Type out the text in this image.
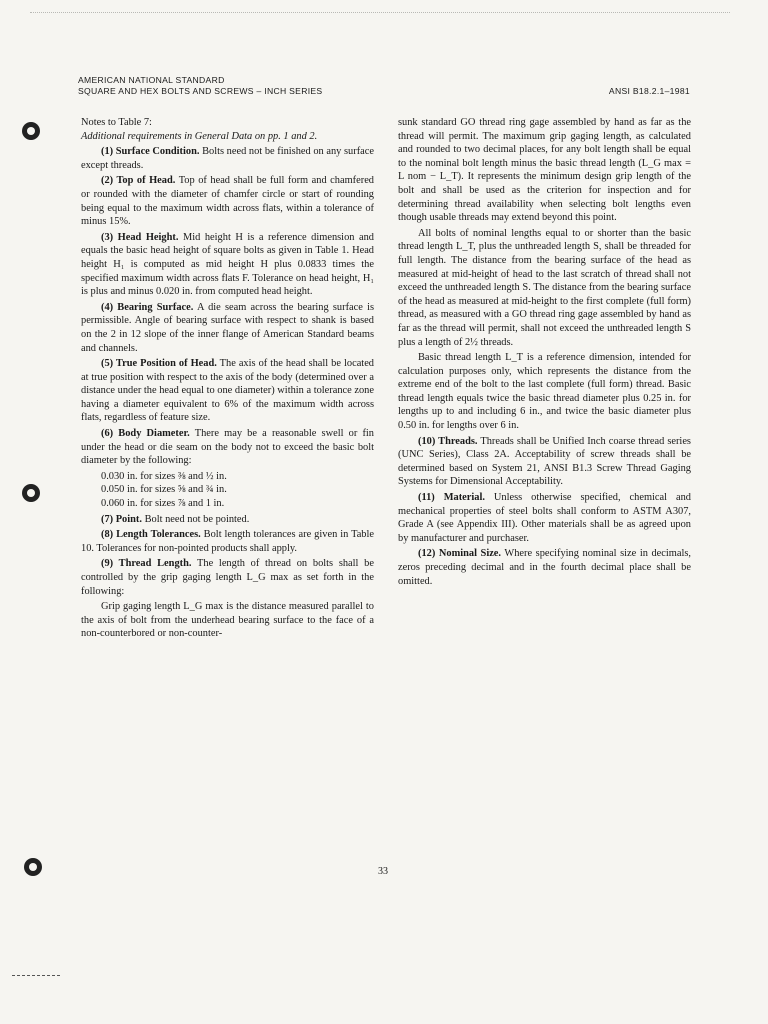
AMERICAN NATIONAL STANDARD
SQUARE AND HEX BOLTS AND SCREWS – INCH SERIES	ANSI B18.2.1–1981

Notes to Table 7:

Additional requirements in General Data on pp. 1 and 2.

(1) Surface Condition. Bolts need not be finished on any surface except threads.

(2) Top of Head. Top of head shall be full form and chamfered or rounded with the diameter of chamfer circle or start of rounding being equal to the maximum width across flats, within a tolerance of minus 15%.

(3) Head Height. Mid height H is a reference dimension and equals the basic head height of square bolts as given in Table 1. Head height H₁ is computed as mid height H plus 0.0833 times the specified maximum width across flats F. Tolerance on head height, H₁ is plus and minus 0.020 in. from computed head height.

(4) Bearing Surface. A die seam across the bearing surface is permissible. Angle of bearing surface with respect to shank is based on the 2 in 12 slope of the inner flange of American Standard beams and channels.

(5) True Position of Head. The axis of the head shall be located at true position with respect to the axis of the body (determined over a distance under the head equal to one diameter) within a tolerance zone having a diameter equivalent to 6% of the maximum width across flats, regardless of feature size.

(6) Body Diameter. There may be a reasonable swell or fin under the head or die seam on the body not to exceed the basic bolt diameter by the following:

0.030 in. for sizes ⅜ and ½ in.

0.050 in. for sizes ⅝ and ¾ in.

0.060 in. for sizes ⅞ and 1 in.

(7) Point. Bolt need not be pointed.

(8) Length Tolerances. Bolt length tolerances are given in Table 10. Tolerances for non-pointed products shall apply.

(9) Thread Length. The length of thread on bolts shall be controlled by the grip gaging length L_G max as set forth in the following:

Grip gaging length L_G max is the distance measured parallel to the axis of bolt from the underhead bearing surface to the face of a non-counterbored or non-counter-

sunk standard GO thread ring gage assembled by hand as far as the thread will permit. The maximum grip gaging length, as calculated and rounded to two decimal places, for any bolt length shall be equal to the nominal bolt length minus the basic thread length (L_G max = L nom − L_T). It represents the minimum design grip length of the bolt and shall be used as the criterion for inspection and for determining thread availability when selecting bolt lengths even though usable threads may extend beyond this point.

All bolts of nominal lengths equal to or shorter than the basic thread length L_T, plus the unthreaded length S, shall be threaded for full length. The distance from the bearing surface of the head as measured at mid-height of head to the last scratch of thread shall not exceed the unthreaded length S. The distance from the bearing surface of the head as measured at mid-height to the first complete (full form) thread, as measured with a GO thread ring gage assembled by hand as far as the thread will permit, shall not exceed the unthreaded length S plus a length of 2½ threads.

Basic thread length L_T is a reference dimension, intended for calculation purposes only, which represents the distance from the extreme end of the bolt to the last complete (full form) thread. Basic thread length equals twice the basic thread diameter plus 0.25 in. for lengths up to and including 6 in., and twice the basic diameter plus 0.50 in. for lengths over 6 in.

(10) Threads. Threads shall be Unified Inch coarse thread series (UNC Series), Class 2A. Acceptability of screw threads shall be determined based on System 21, ANSI B1.3 Screw Thread Gaging Systems for Dimensional Acceptability.

(11) Material. Unless otherwise specified, chemical and mechanical properties of steel bolts shall conform to ASTM A307, Grade A (see Appendix III). Other materials shall be as agreed upon by manufacturer and purchaser.

(12) Nominal Size. Where specifying nominal size in decimals, zeros preceding decimal and in the fourth decimal place shall be omitted.

33
